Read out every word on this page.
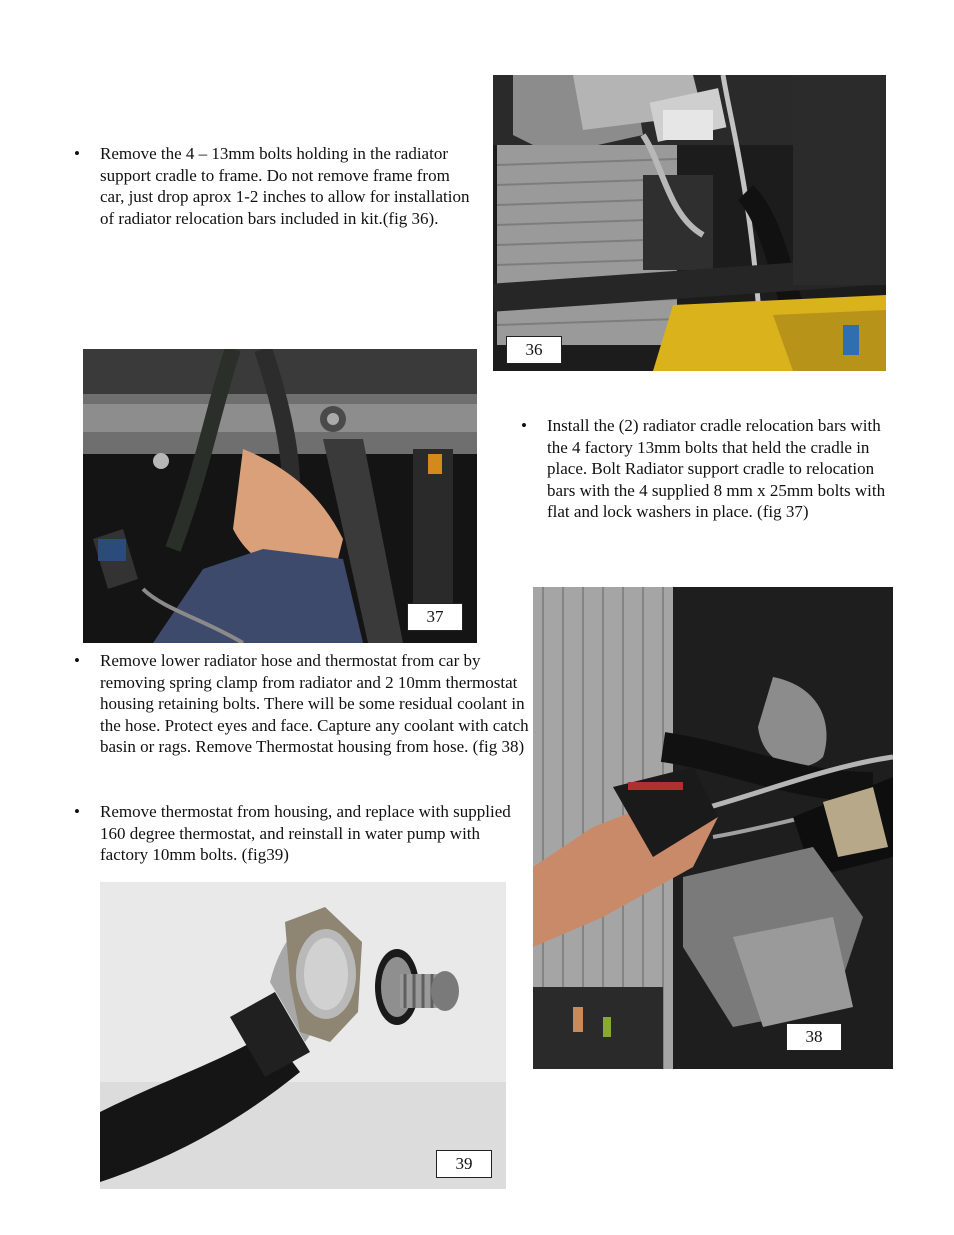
• Remove the 4 – 13mm bolts holding in the radiator support cradle to frame. Do not remove frame from car, just drop aprox 1-2 inches to allow for installation of radiator relocation bars included in kit.(fig 36).
36
37
• Install the (2) radiator cradle relocation bars with the 4 factory 13mm bolts that held the cradle in place. Bolt Radiator support cradle to relocation bars with the 4 supplied 8 mm x 25mm bolts with flat and lock washers in place. (fig 37)
38
• Remove lower radiator hose and thermostat from car by removing spring clamp from radiator and 2 10mm thermostat housing retaining bolts. There will be some residual coolant in the hose. Protect eyes and face. Capture any coolant with catch basin or rags. Remove Thermostat housing from hose. (fig 38)
• Remove thermostat from housing, and replace with supplied 160 degree thermostat, and reinstall in water pump with factory 10mm bolts. (fig39)
39
